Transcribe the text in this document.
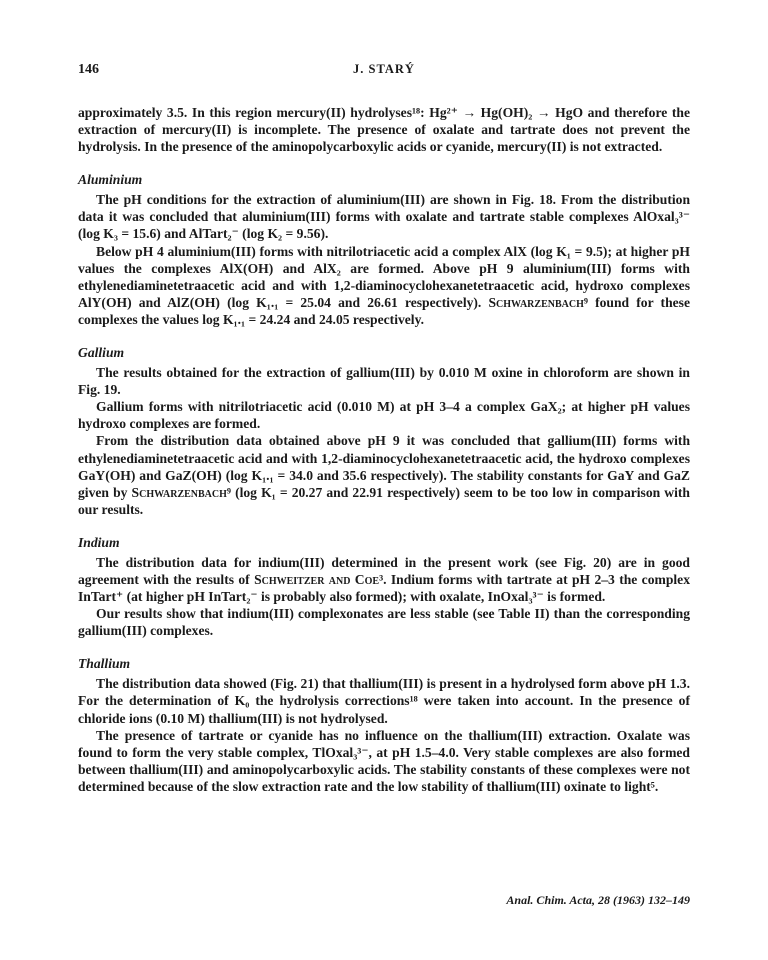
146	J. STARÝ

approximately 3.5. In this region mercury(II) hydrolyses¹⁸: Hg²⁺ → Hg(OH)₂ → HgO and therefore the extraction of mercury(II) is incomplete. The presence of oxalate and tartrate does not prevent the hydrolysis. In the presence of the aminopolycarboxylic acids or cyanide, mercury(II) is not extracted.

Aluminium

The pH conditions for the extraction of aluminium(III) are shown in Fig. 18. From the distribution data it was concluded that aluminium(III) forms with oxalate and tartrate stable complexes AlOxal₃³⁻ (log K₃ = 15.6) and AlTart₂⁻ (log K₂ = 9.56).

Below pH 4 aluminium(III) forms with nitrilotriacetic acid a complex AlX (log K₁ = 9.5); at higher pH values the complexes AlX(OH) and AlX₂ are formed. Above pH 9 aluminium(III) forms with ethylenediaminetetraacetic acid and with 1,2-diaminocyclohexanetetraacetic acid, hydroxo complexes AlY(OH) and AlZ(OH) (log K₁.₁ = 25.04 and 26.61 respectively). Schwarzenbach⁹ found for these complexes the values log K₁.₁ = 24.24 and 24.05 respectively.

Gallium

The results obtained for the extraction of gallium(III) by 0.010 M oxine in chloroform are shown in Fig. 19.

Gallium forms with nitrilotriacetic acid (0.010 M) at pH 3–4 a complex GaX₂; at higher pH values hydroxo complexes are formed.

From the distribution data obtained above pH 9 it was concluded that gallium(III) forms with ethylenediaminetetraacetic acid and with 1,2-diaminocyclohexanetetraacetic acid, the hydroxo complexes GaY(OH) and GaZ(OH) (log K₁.₁ = 34.0 and 35.6 respectively). The stability constants for GaY and GaZ given by Schwarzenbach⁹ (log K₁ = 20.27 and 22.91 respectively) seem to be too low in comparison with our results.

Indium

The distribution data for indium(III) determined in the present work (see Fig. 20) are in good agreement with the results of Schweitzer and Coe³. Indium forms with tartrate at pH 2–3 the complex InTart⁺ (at higher pH InTart₂⁻ is probably also formed); with oxalate, InOxal₃³⁻ is formed.

Our results show that indium(III) complexonates are less stable (see Table II) than the corresponding gallium(III) complexes.

Thallium

The distribution data showed (Fig. 21) that thallium(III) is present in a hydrolysed form above pH 1.3. For the determination of K₀ the hydrolysis corrections¹⁸ were taken into account. In the presence of chloride ions (0.10 M) thallium(III) is not hydrolysed.

The presence of tartrate or cyanide has no influence on the thallium(III) extraction. Oxalate was found to form the very stable complex, TlOxal₃³⁻, at pH 1.5–4.0. Very stable complexes are also formed between thallium(III) and aminopolycarboxylic acids. The stability constants of these complexes were not determined because of the slow extraction rate and the low stability of thallium(III) oxinate to light⁵.

Anal. Chim. Acta, 28 (1963) 132–149
